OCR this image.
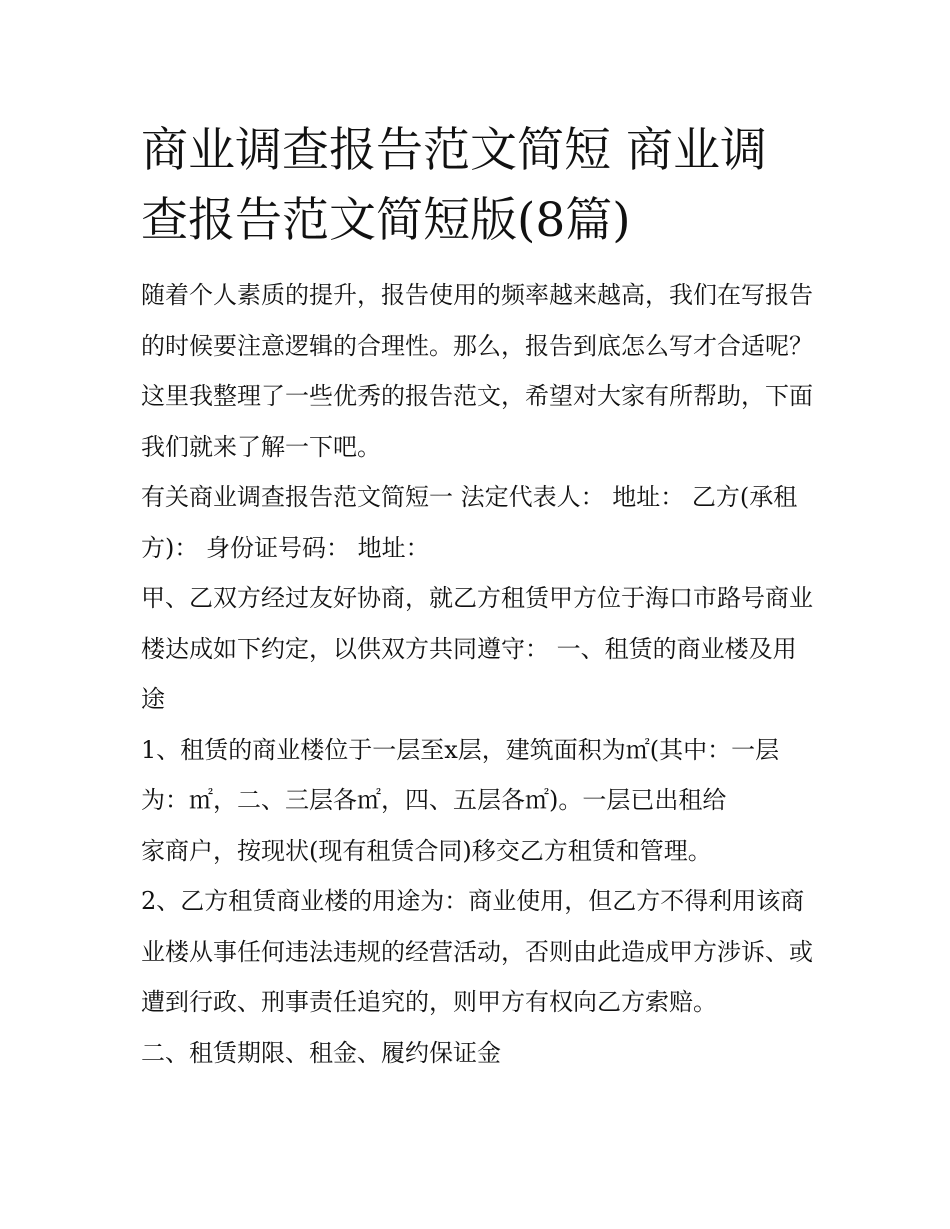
商业调查报告范文简短 商业调查报告范文简短版(8篇)

随着个人素质的提升，报告使用的频率越来越高，我们在写报告的时候要注意逻辑的合理性。那么，报告到底怎么写才合适呢？这里我整理了一些优秀的报告范文，希望对大家有所帮助，下面我们就来了解一下吧。

有关商业调查报告范文简短一 法定代表人： 地址： 乙方(承租方)： 身份证号码： 地址：

甲、乙双方经过友好协商，就乙方租赁甲方位于海口市路号商业楼达成如下约定，以供双方共同遵守： 一、租赁的商业楼及用途

1、租赁的商业楼位于一层至x层，建筑面积为㎡(其中：一层为：㎡，二、三层各㎡，四、五层各㎡)。一层已出租给

家商户，按现状(现有租赁合同)移交乙方租赁和管理。

2、乙方租赁商业楼的用途为：商业使用，但乙方不得利用该商业楼从事任何违法违规的经营活动，否则由此造成甲方涉诉、或遭到行政、刑事责任追究的，则甲方有权向乙方索赔。

二、租赁期限、租金、履约保证金
